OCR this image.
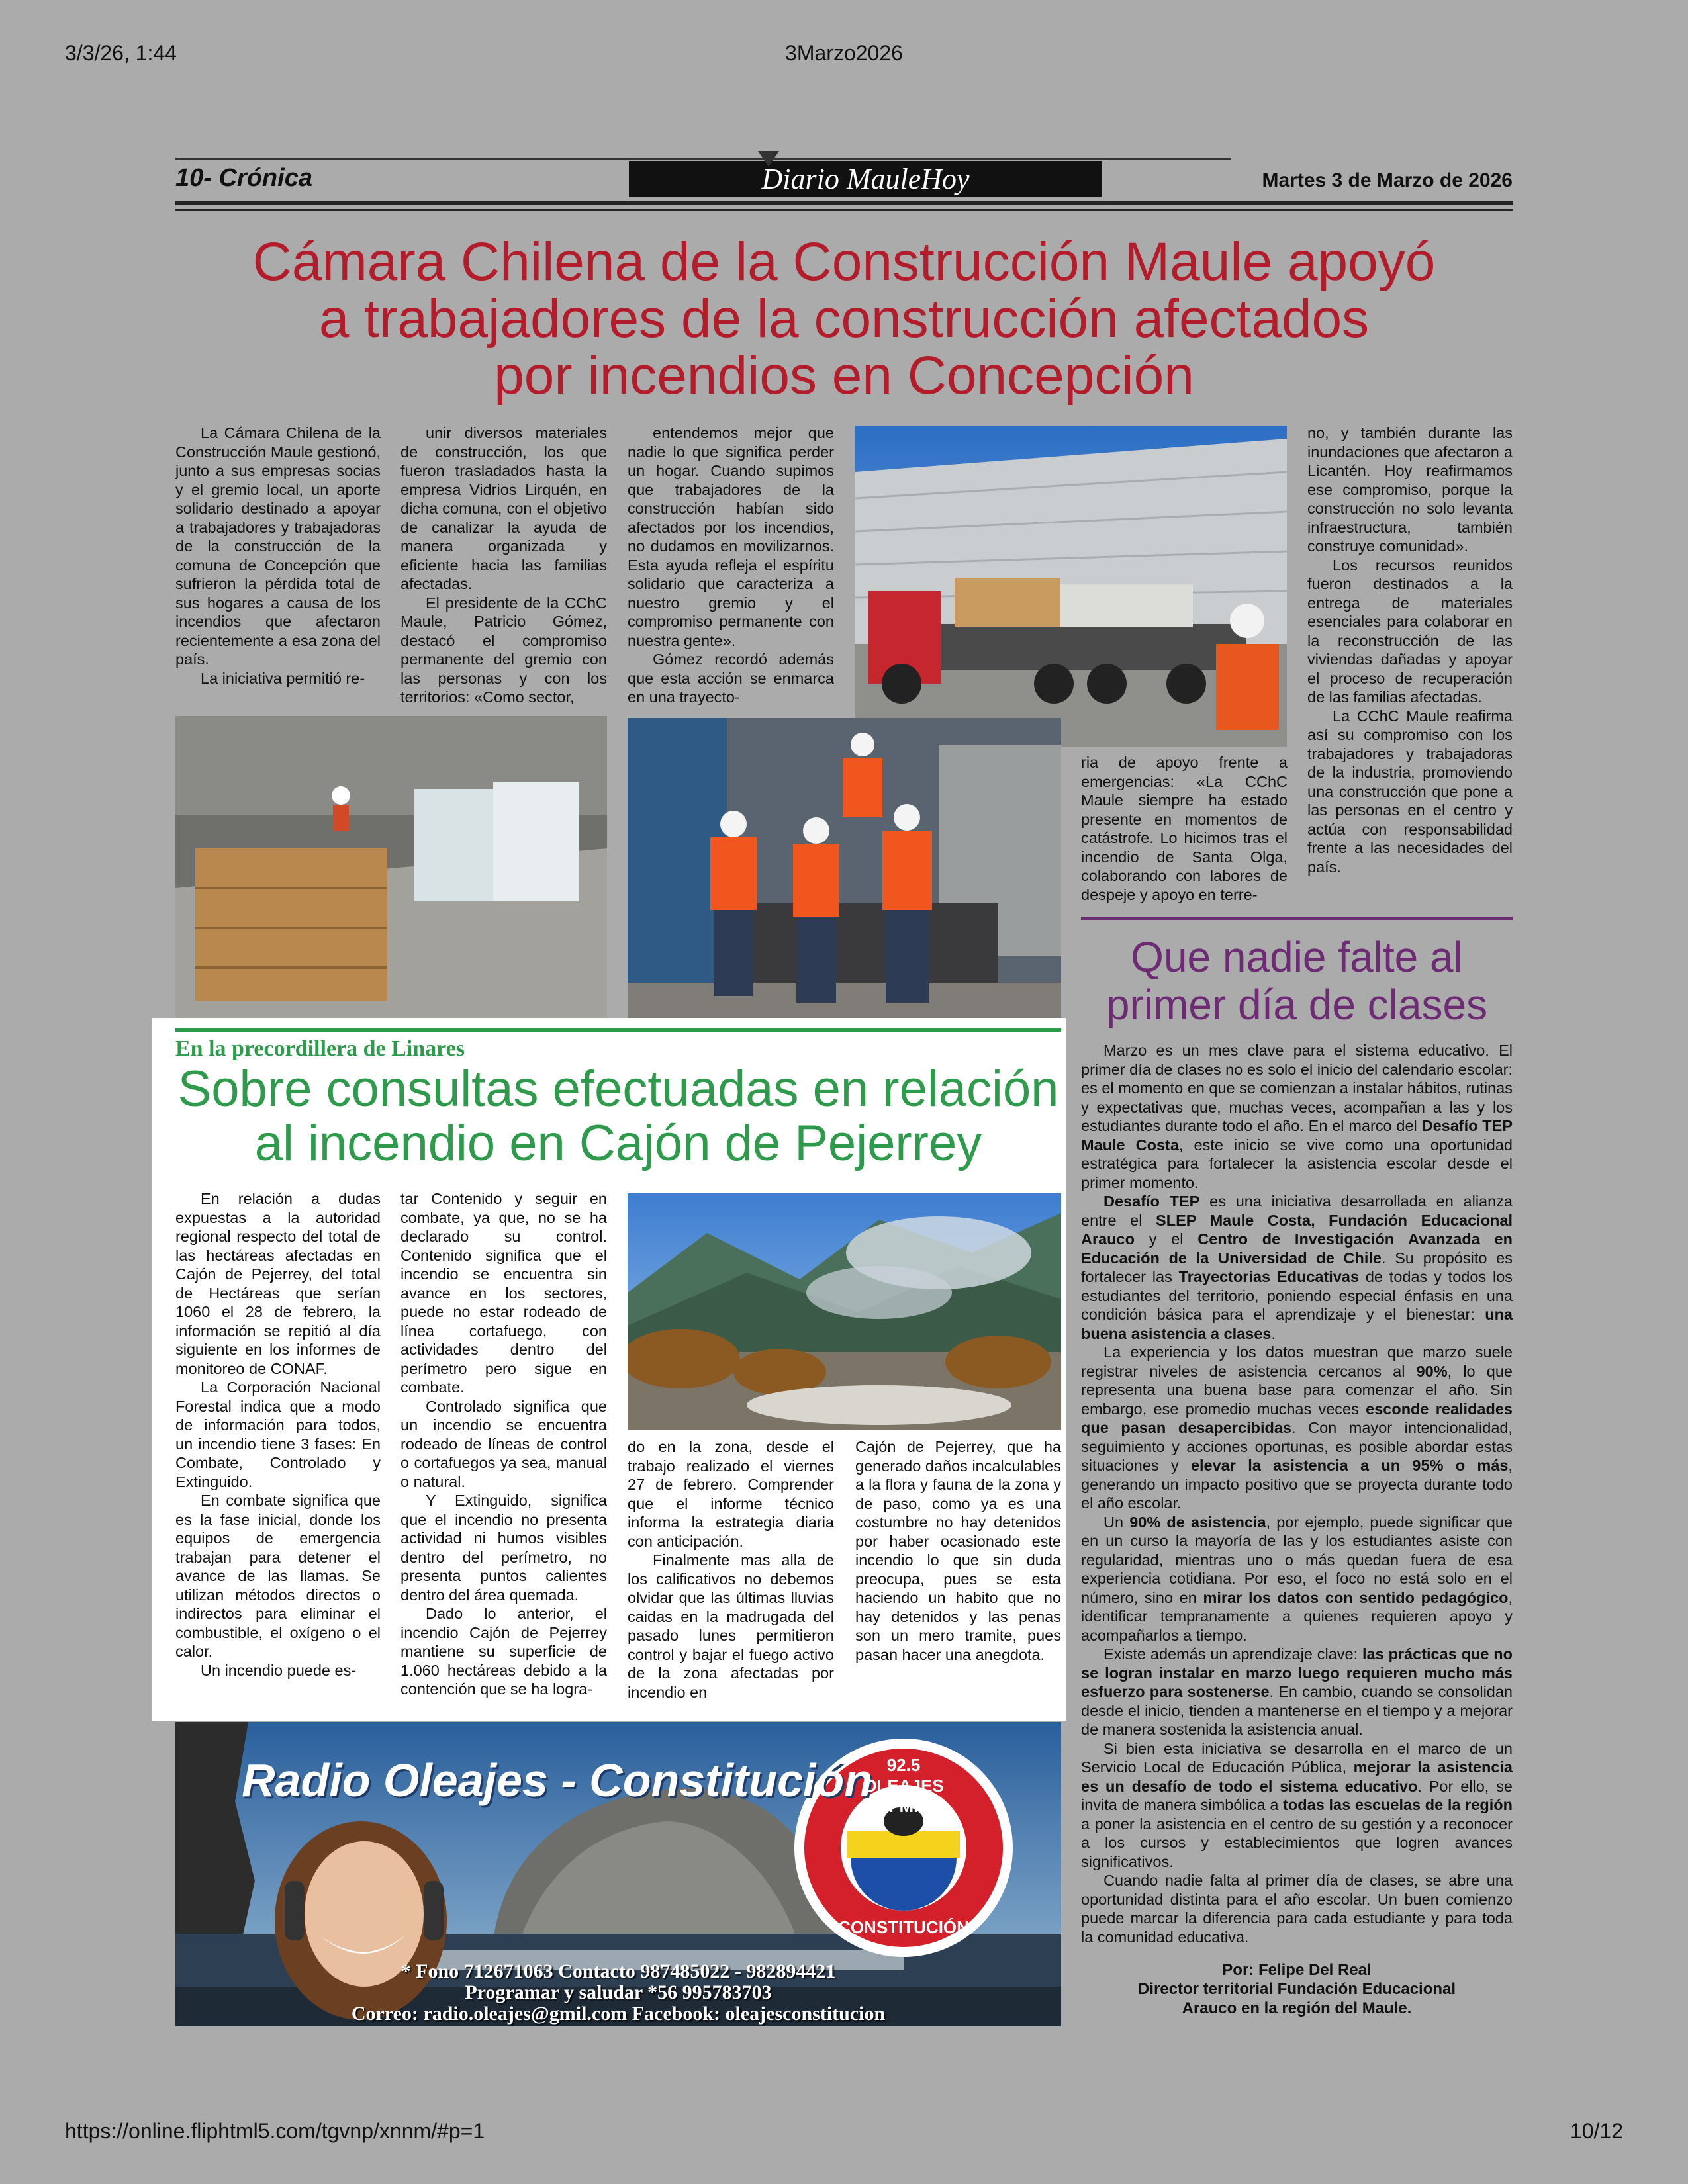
3/3/26, 1:44	3Marzo2026
https://online.fliphtml5.com/tgvnp/xnnm/#p=1	10/12
10- Crónica	Diario MauleHoy	Martes 3 de Marzo de 2026
Cámara Chilena de la Construcción Maule apoyó
a trabajadores de la construcción afectados
por incendios en Concepción

La Cámara Chilena de la Construcción Maule gestionó, junto a sus empresas socias y el gremio local, un aporte solidario destinado a apoyar a trabajadores y trabajadoras de la construcción de la comuna de Concepción que sufrieron la pérdida total de sus hogares a causa de los incendios que afectaron recientemente a esa zona del país.

La iniciativa permitió re-

unir diversos materiales de construcción, los que fueron trasladados hasta la empresa Vidrios Lirquén, en dicha comuna, con el objetivo de canalizar la ayuda de manera organizada y eficiente hacia las familias afectadas.

El presidente de la CChC Maule, Patricio Gómez, destacó el compromiso permanente del gremio con las personas y con los territorios: «Como sector,

entendemos mejor que nadie lo que significa perder un hogar. Cuando supimos que trabajadores de la construcción habían sido afectados por los incendios, no dudamos en movilizarnos. Esta ayuda refleja el espíritu solidario que caracteriza a nuestro gremio y el compromiso permanente con nuestra gente».

Gómez recordó además que esta acción se enmarca en una trayecto-

ria de apoyo frente a emergencias: «La CChC Maule siempre ha estado presente en momentos de catástrofe. Lo hicimos tras el incendio de Santa Olga, colaborando con labores de despeje y apoyo en terre-

no, y también durante las inundaciones que afectaron a Licantén. Hoy reafirmamos ese compromiso, porque la construcción no solo levanta infraestructura, también construye comunidad».

Los recursos reunidos fueron destinados a la entrega de materiales esenciales para colaborar en la reconstrucción de las viviendas dañadas y apoyar el proceso de recuperación de las familias afectadas.

La CChC Maule reafirma así su compromiso con los trabajadores y trabajadoras de la industria, promoviendo una construcción que pone a las personas en el centro y actúa con responsabilidad frente a las necesidades del país.

En la precordillera de Linares
Sobre consultas efectuadas en relación
al incendio en Cajón de Pejerrey

En relación a dudas expuestas a la autoridad regional respecto del total de las hectáreas afectadas en Cajón de Pejerrey, del total de Hectáreas que serían 1060 el 28 de febrero, la información se repitió al día siguiente en los informes de monitoreo de CONAF.

La Corporación Nacional Forestal indica que a modo de información para todos, un incendio tiene 3 fases: En Combate, Controlado y Extinguido.

En combate significa que es la fase inicial, donde los equipos de emergencia trabajan para detener el avance de las llamas. Se utilizan métodos directos o indirectos para eliminar el combustible, el oxígeno o el calor.

Un incendio puede es-

tar Contenido y seguir en combate, ya que, no se ha declarado su control. Contenido significa que el incendio se encuentra sin avance en los sectores, puede no estar rodeado de línea cortafuego, con actividades dentro del perímetro pero sigue en combate.

Controlado significa que un incendio se encuentra rodeado de líneas de control o cortafuegos ya sea, manual o natural.

Y Extinguido, significa que el incendio no presenta actividad ni humos visibles dentro del perímetro, no presenta puntos calientes dentro del área quemada.

Dado lo anterior, el incendio Cajón de Pejerrey mantiene su superficie de 1.060 hectáreas debido a la contención que se ha logra-

do en la zona, desde el trabajo realizado el viernes 27 de febrero. Comprender que el informe técnico informa la estrategia diaria con anticipación.

Finalmente mas alla de los calificativos no debemos olvidar que las últimas lluvias caidas en la madrugada del pasado lunes permitieron control y bajar el fuego activo de la zona afectadas por incendio en

Cajón de Pejerrey, que ha generado daños incalculables a la flora y fauna de la zona y de paso, como ya es una costumbre no hay detenidos por haber ocasionado este incendio lo que sin duda preocupa, pues se esta haciendo un habito que no hay detenidos y las penas son un mero tramite, pues pasan hacer una anegdota.

Que nadie falte al
primer día de clases

Marzo es un mes clave para el sistema educativo. El primer día de clases no es solo el inicio del calendario escolar: es el momento en que se comienzan a instalar hábitos, rutinas y expectativas que, muchas veces, acompañan a las y los estudiantes durante todo el año. En el marco del Desafío TEP Maule Costa, este inicio se vive como una oportunidad estratégica para fortalecer la asistencia escolar desde el primer momento.

Desafío TEP es una iniciativa desarrollada en alianza entre el SLEP Maule Costa, Fundación Educacional Arauco y el Centro de Investigación Avanzada en Educación de la Universidad de Chile. Su propósito es fortalecer las Trayectorias Educativas de todas y todos los estudiantes del territorio, poniendo especial énfasis en una condición básica para el aprendizaje y el bienestar: una buena asistencia a clases.

La experiencia y los datos muestran que marzo suele registrar niveles de asistencia cercanos al 90%, lo que representa una buena base para comenzar el año. Sin embargo, ese promedio muchas veces esconde realidades que pasan desapercibidas. Con mayor intencionalidad, seguimiento y acciones oportunas, es posible abordar estas situaciones y elevar la asistencia a un 95% o más, generando un impacto positivo que se proyecta durante todo el año escolar.

Un 90% de asistencia, por ejemplo, puede significar que en un curso la mayoría de las y los estudiantes asiste con regularidad, mientras uno o más quedan fuera de esa experiencia cotidiana. Por eso, el foco no está solo en el número, sino en mirar los datos con sentido pedagógico, identificar tempranamente a quienes requieren apoyo y acompañarlos a tiempo.

Existe además un aprendizaje clave: las prácticas que no se logran instalar en marzo luego requieren mucho más esfuerzo para sostenerse. En cambio, cuando se consolidan desde el inicio, tienden a mantenerse en el tiempo y a mejorar de manera sostenida la asistencia anual.

Si bien esta iniciativa se desarrolla en el marco de un Servicio Local de Educación Pública, mejorar la asistencia es un desafío de todo el sistema educativo. Por ello, se invita de manera simbólica a todas las escuelas de la región a poner la asistencia en el centro de su gestión y a reconocer a los cursos y establecimientos que logren avances significativos.

Cuando nadie falta al primer día de clases, se abre una oportunidad distinta para el año escolar. Un buen comienzo puede marcar la diferencia para cada estudiante y para toda la comunidad educativa.

Por: Felipe Del Real
Director territorial Fundación Educacional
Arauco en la región del Maule.
Radio Oleajes - Constitución 92.5 OLEAJES FM.
CONSTITUCIÓN
* Fono 712671063 Contacto 987485022 - 982894421
Programar y saludar *56 995783703
Correo: radio.oleajes@gmil.com Facebook: oleajesconstitucion
